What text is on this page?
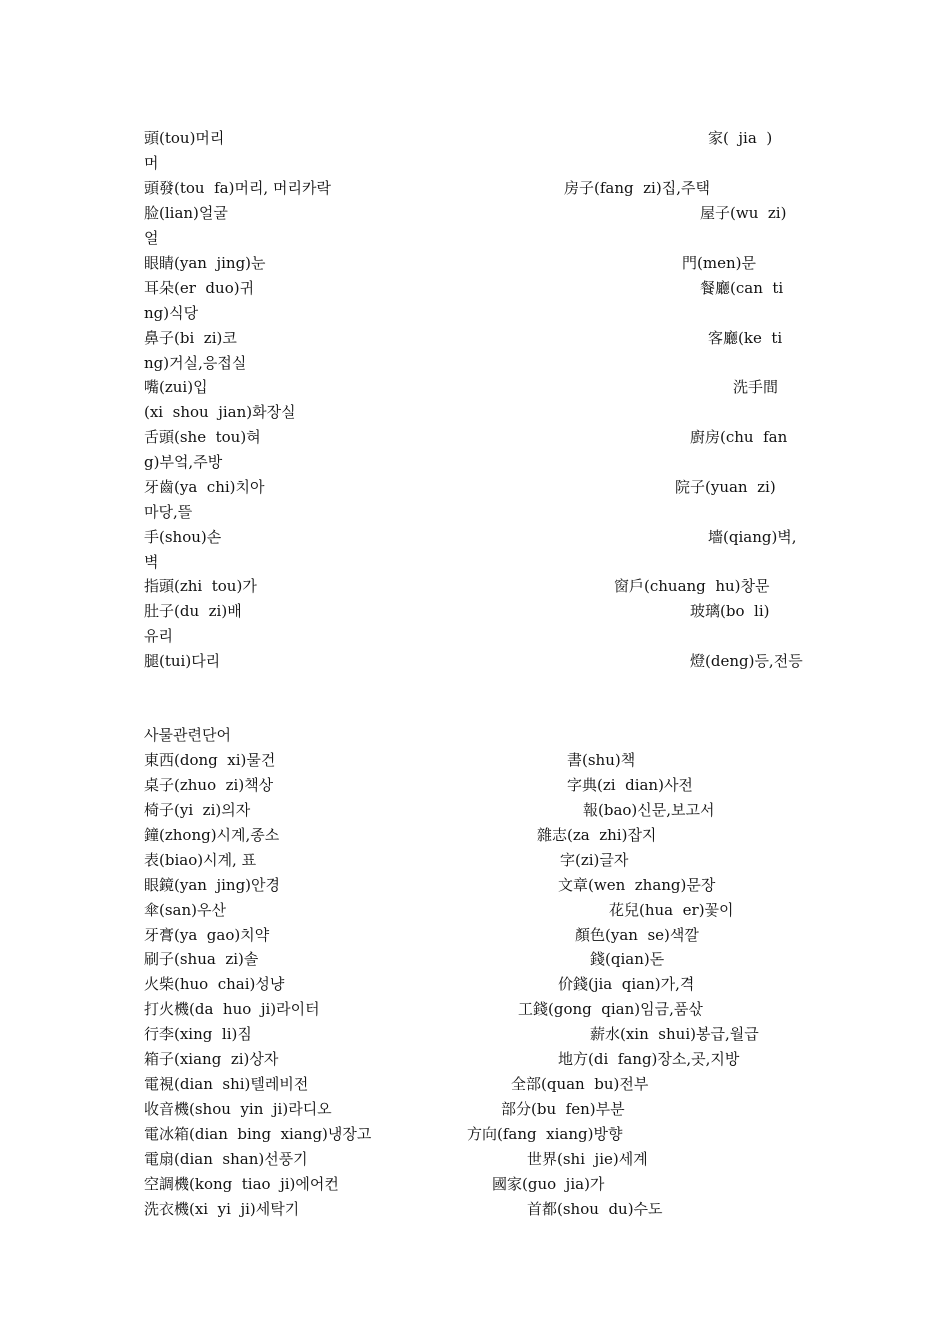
頭(tou)머리
머
頭發(tou  fa)머리, 머리카락
脸(lian)얼굴
얼
眼睛(yan  jing)눈
耳朵(er  duo)귀
ng)식당
鼻子(bi  zi)코
ng)거실,응접실
嘴(zui)입
(xi  shou  jian)화장실
舌頭(she  tou)혀
g)부엌,주방
牙齒(ya  chi)치아
마당,뜰
手(shou)손
벽
指頭(zhi  tou)가
肚子(du  zi)배
유리
腿(tui)다리
家(  jia  )
房子(fang  zi)집,주택
屋子(wu  zi)
門(men)문
餐廳(can  ti
客廳(ke  ti
洗手間
廚房(chu  fan
院子(yuan  zi)
墻(qiang)벽,
窗戶(chuang  hu)창문
玻璃(bo  li)
燈(deng)등,전등
사물관련단어
東西(dong  xi)물건
桌子(zhuo  zi)책상
椅子(yi  zi)의자
鐘(zhong)시계,종소
表(biao)시계, 표
眼鏡(yan  jing)안경
傘(san)우산
牙膏(ya  gao)치약
刷子(shua  zi)솔
火柴(huo  chai)성냥
打火機(da  huo  ji)라이터
行李(xing  li)짐
箱子(xiang  zi)상자
電視(dian  shi)텔레비전
收音機(shou  yin  ji)라디오
電冰箱(dian  bing  xiang)냉장고
電扇(dian  shan)선풍기
空調機(kong  tiao  ji)에어컨
洗衣機(xi  yi  ji)세탁기
書(shu)책
字典(zi  dian)사전
報(bao)신문,보고서
雜志(za  zhi)잡지
字(zi)글자
文章(wen  zhang)문장
花兒(hua  er)꽃이
顏色(yan  se)색깔
錢(qian)돈
价錢(jia  qian)가,격
工錢(gong  qian)임금,품삯
薪水(xin  shui)봉급,월급
地方(di  fang)장소,곳,지방
全部(quan  bu)전부
部分(bu  fen)부분
方向(fang  xiang)방향
世界(shi  jie)세계
國家(guo  jia)가
首都(shou  du)수도
